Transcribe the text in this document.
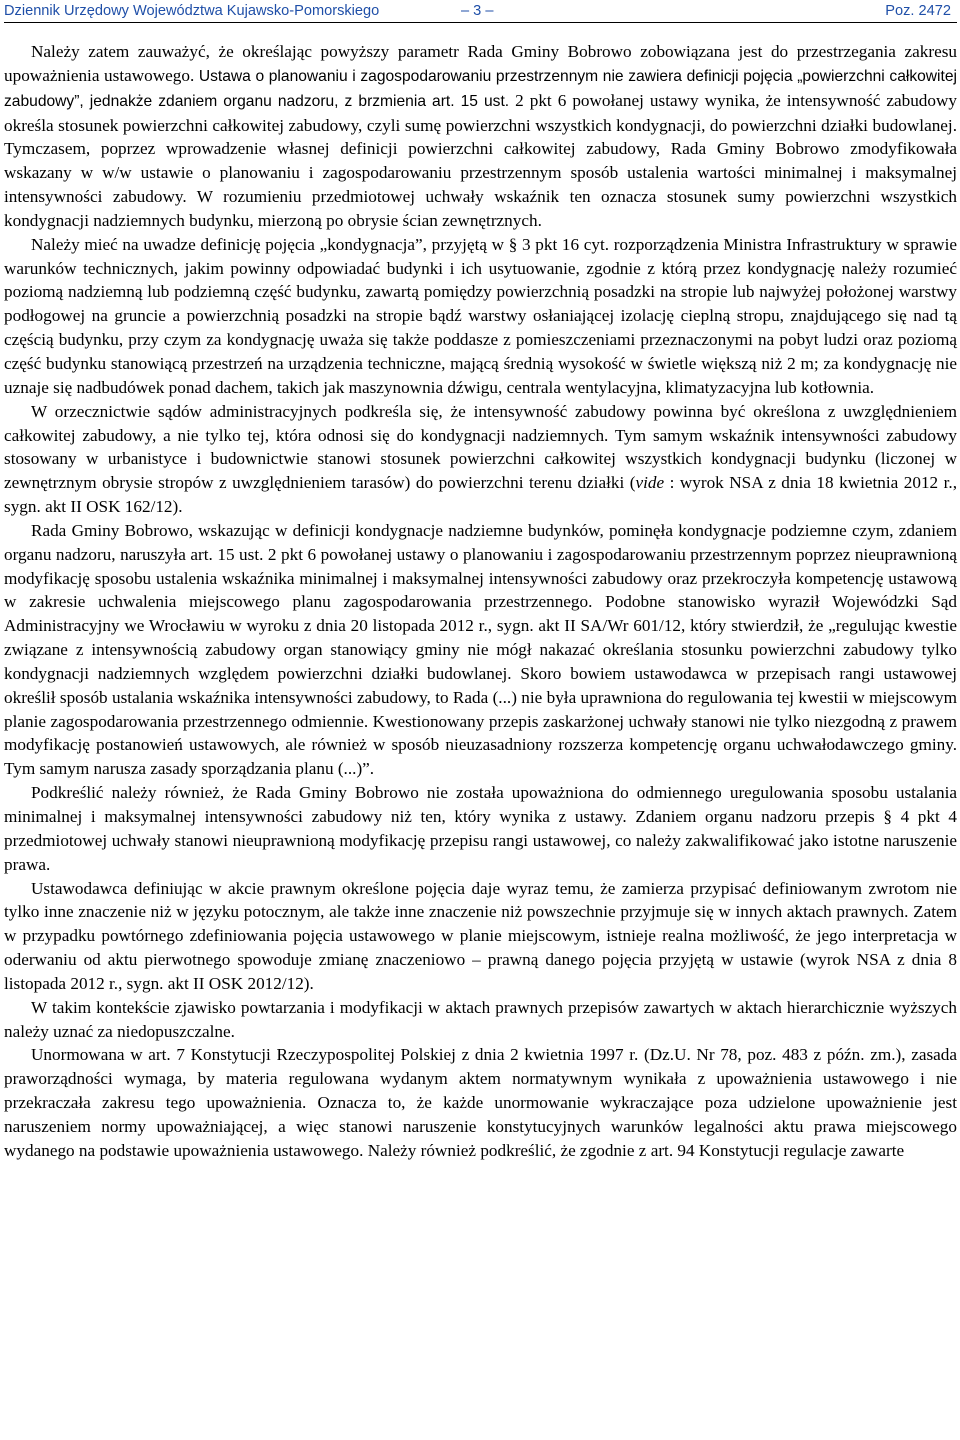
Dziennik Urzędowy Województwa Kujawsko-Pomorskiego	– 3 –	Poz. 2472

Należy zatem zauważyć, że określając powyższy parametr Rada Gminy Bobrowo zobowiązana jest do przestrzegania zakresu upoważnienia ustawowego. Ustawa o planowaniu i zagospodarowaniu przestrzennym nie zawiera definicji pojęcia „powierzchni całkowitej zabudowy”, jednakże zdaniem organu nadzoru, z brzmienia art. 15 ust. 2 pkt 6 powołanej ustawy wynika, że intensywność zabudowy określa stosunek powierzchni całkowitej zabudowy, czyli sumę powierzchni wszystkich kondygnacji, do powierzchni działki budowlanej. Tymczasem, poprzez wprowadzenie własnej definicji powierzchni całkowitej zabudowy, Rada Gminy Bobrowo zmodyfikowała wskazany w w/w ustawie o planowaniu i zagospodarowaniu przestrzennym sposób ustalenia wartości minimalnej i maksymalnej intensywności zabudowy. W rozumieniu przedmiotowej uchwały wskaźnik ten oznacza stosunek sumy powierzchni wszystkich kondygnacji nadziemnych budynku, mierzoną po obrysie ścian zewnętrznych.

Należy mieć na uwadze definicję pojęcia „kondygnacja”, przyjętą w § 3 pkt 16 cyt. rozporządzenia Ministra Infrastruktury w sprawie warunków technicznych, jakim powinny odpowiadać budynki i ich usytuowanie, zgodnie z którą przez kondygnację należy rozumieć poziomą nadziemną lub podziemną część budynku, zawartą pomiędzy powierzchnią posadzki na stropie lub najwyżej położonej warstwy podłogowej na gruncie a powierzchnią posadzki na stropie bądź warstwy osłaniającej izolację cieplną stropu, znajdującego się nad tą częścią budynku, przy czym za kondygnację uważa się także poddasze z pomieszczeniami przeznaczonymi na pobyt ludzi oraz poziomą część budynku stanowiącą przestrzeń na urządzenia techniczne, mającą średnią wysokość w świetle większą niż 2 m; za kondygnację nie uznaje się nadbudówek ponad dachem, takich jak maszynownia dźwigu, centrala wentylacyjna, klimatyzacyjna lub kotłownia.

W orzecznictwie sądów administracyjnych podkreśla się, że intensywność zabudowy powinna być określona z uwzględnieniem całkowitej zabudowy, a nie tylko tej, która odnosi się do kondygnacji nadziemnych. Tym samym wskaźnik intensywności zabudowy stosowany w urbanistyce i budownictwie stanowi stosunek powierzchni całkowitej wszystkich kondygnacji budynku (liczonej w zewnętrznym obrysie stropów z uwzględnieniem tarasów) do powierzchni terenu działki (vide : wyrok NSA z dnia 18 kwietnia 2012 r., sygn. akt II OSK 162/12).

Rada Gminy Bobrowo, wskazując w definicji kondygnacje nadziemne budynków, pominęła kondygnacje podziemne czym, zdaniem organu nadzoru, naruszyła art. 15 ust. 2 pkt 6 powołanej ustawy o planowaniu i zagospodarowaniu przestrzennym poprzez nieuprawnioną modyfikację sposobu ustalenia wskaźnika minimalnej i maksymalnej intensywności zabudowy oraz przekroczyła kompetencję ustawową w zakresie uchwalenia miejscowego planu zagospodarowania przestrzennego. Podobne stanowisko wyraził Wojewódzki Sąd Administracyjny we Wrocławiu w wyroku z dnia 20 listopada 2012 r., sygn. akt II SA/Wr 601/12, który stwierdził, że „regulując kwestie związane z intensywnością zabudowy organ stanowiący gminy nie mógł nakazać określania stosunku powierzchni zabudowy tylko kondygnacji nadziemnych względem powierzchni działki budowlanej. Skoro bowiem ustawodawca w przepisach rangi ustawowej określił sposób ustalania wskaźnika intensywności zabudowy, to Rada (...) nie była uprawniona do regulowania tej kwestii w miejscowym planie zagospodarowania przestrzennego odmiennie. Kwestionowany przepis zaskarżonej uchwały stanowi nie tylko niezgodną z prawem modyfikację postanowień ustawowych, ale również w sposób nieuzasadniony rozszerza kompetencję organu uchwałodawczego gminy. Tym samym narusza zasady sporządzania planu (...)”.

Podkreślić należy również, że Rada Gminy Bobrowo nie została upoważniona do odmiennego uregulowania sposobu ustalania minimalnej i maksymalnej intensywności zabudowy niż ten, który wynika z ustawy. Zdaniem organu nadzoru przepis § 4 pkt 4 przedmiotowej uchwały stanowi nieuprawnioną modyfikację przepisu rangi ustawowej, co należy zakwalifikować jako istotne naruszenie prawa.

Ustawodawca definiując w akcie prawnym określone pojęcia daje wyraz temu, że zamierza przypisać definiowanym zwrotom nie tylko inne znaczenie niż w języku potocznym, ale także inne znaczenie niż powszechnie przyjmuje się w innych aktach prawnych. Zatem w przypadku powtórnego zdefiniowania pojęcia ustawowego w planie miejscowym, istnieje realna możliwość, że jego interpretacja w oderwaniu od aktu pierwotnego spowoduje zmianę znaczeniowo – prawną danego pojęcia przyjętą w ustawie (wyrok NSA z dnia 8 listopada 2012 r., sygn. akt II OSK 2012/12).

W takim kontekście zjawisko powtarzania i modyfikacji w aktach prawnych przepisów zawartych w aktach hierarchicznie wyższych należy uznać za niedopuszczalne.

Unormowana w art. 7 Konstytucji Rzeczypospolitej Polskiej z dnia 2 kwietnia 1997 r. (Dz.U. Nr 78, poz. 483 z późn. zm.), zasada praworządności wymaga, by materia regulowana wydanym aktem normatywnym wynikała z upoważnienia ustawowego i nie przekraczała zakresu tego upoważnienia. Oznacza to, że każde unormowanie wykraczające poza udzielone upoważnienie jest naruszeniem normy upoważniającej, a więc stanowi naruszenie konstytucyjnych warunków legalności aktu prawa miejscowego wydanego na podstawie upoważnienia ustawowego. Należy również podkreślić, że zgodnie z art. 94 Konstytucji regulacje zawarte
